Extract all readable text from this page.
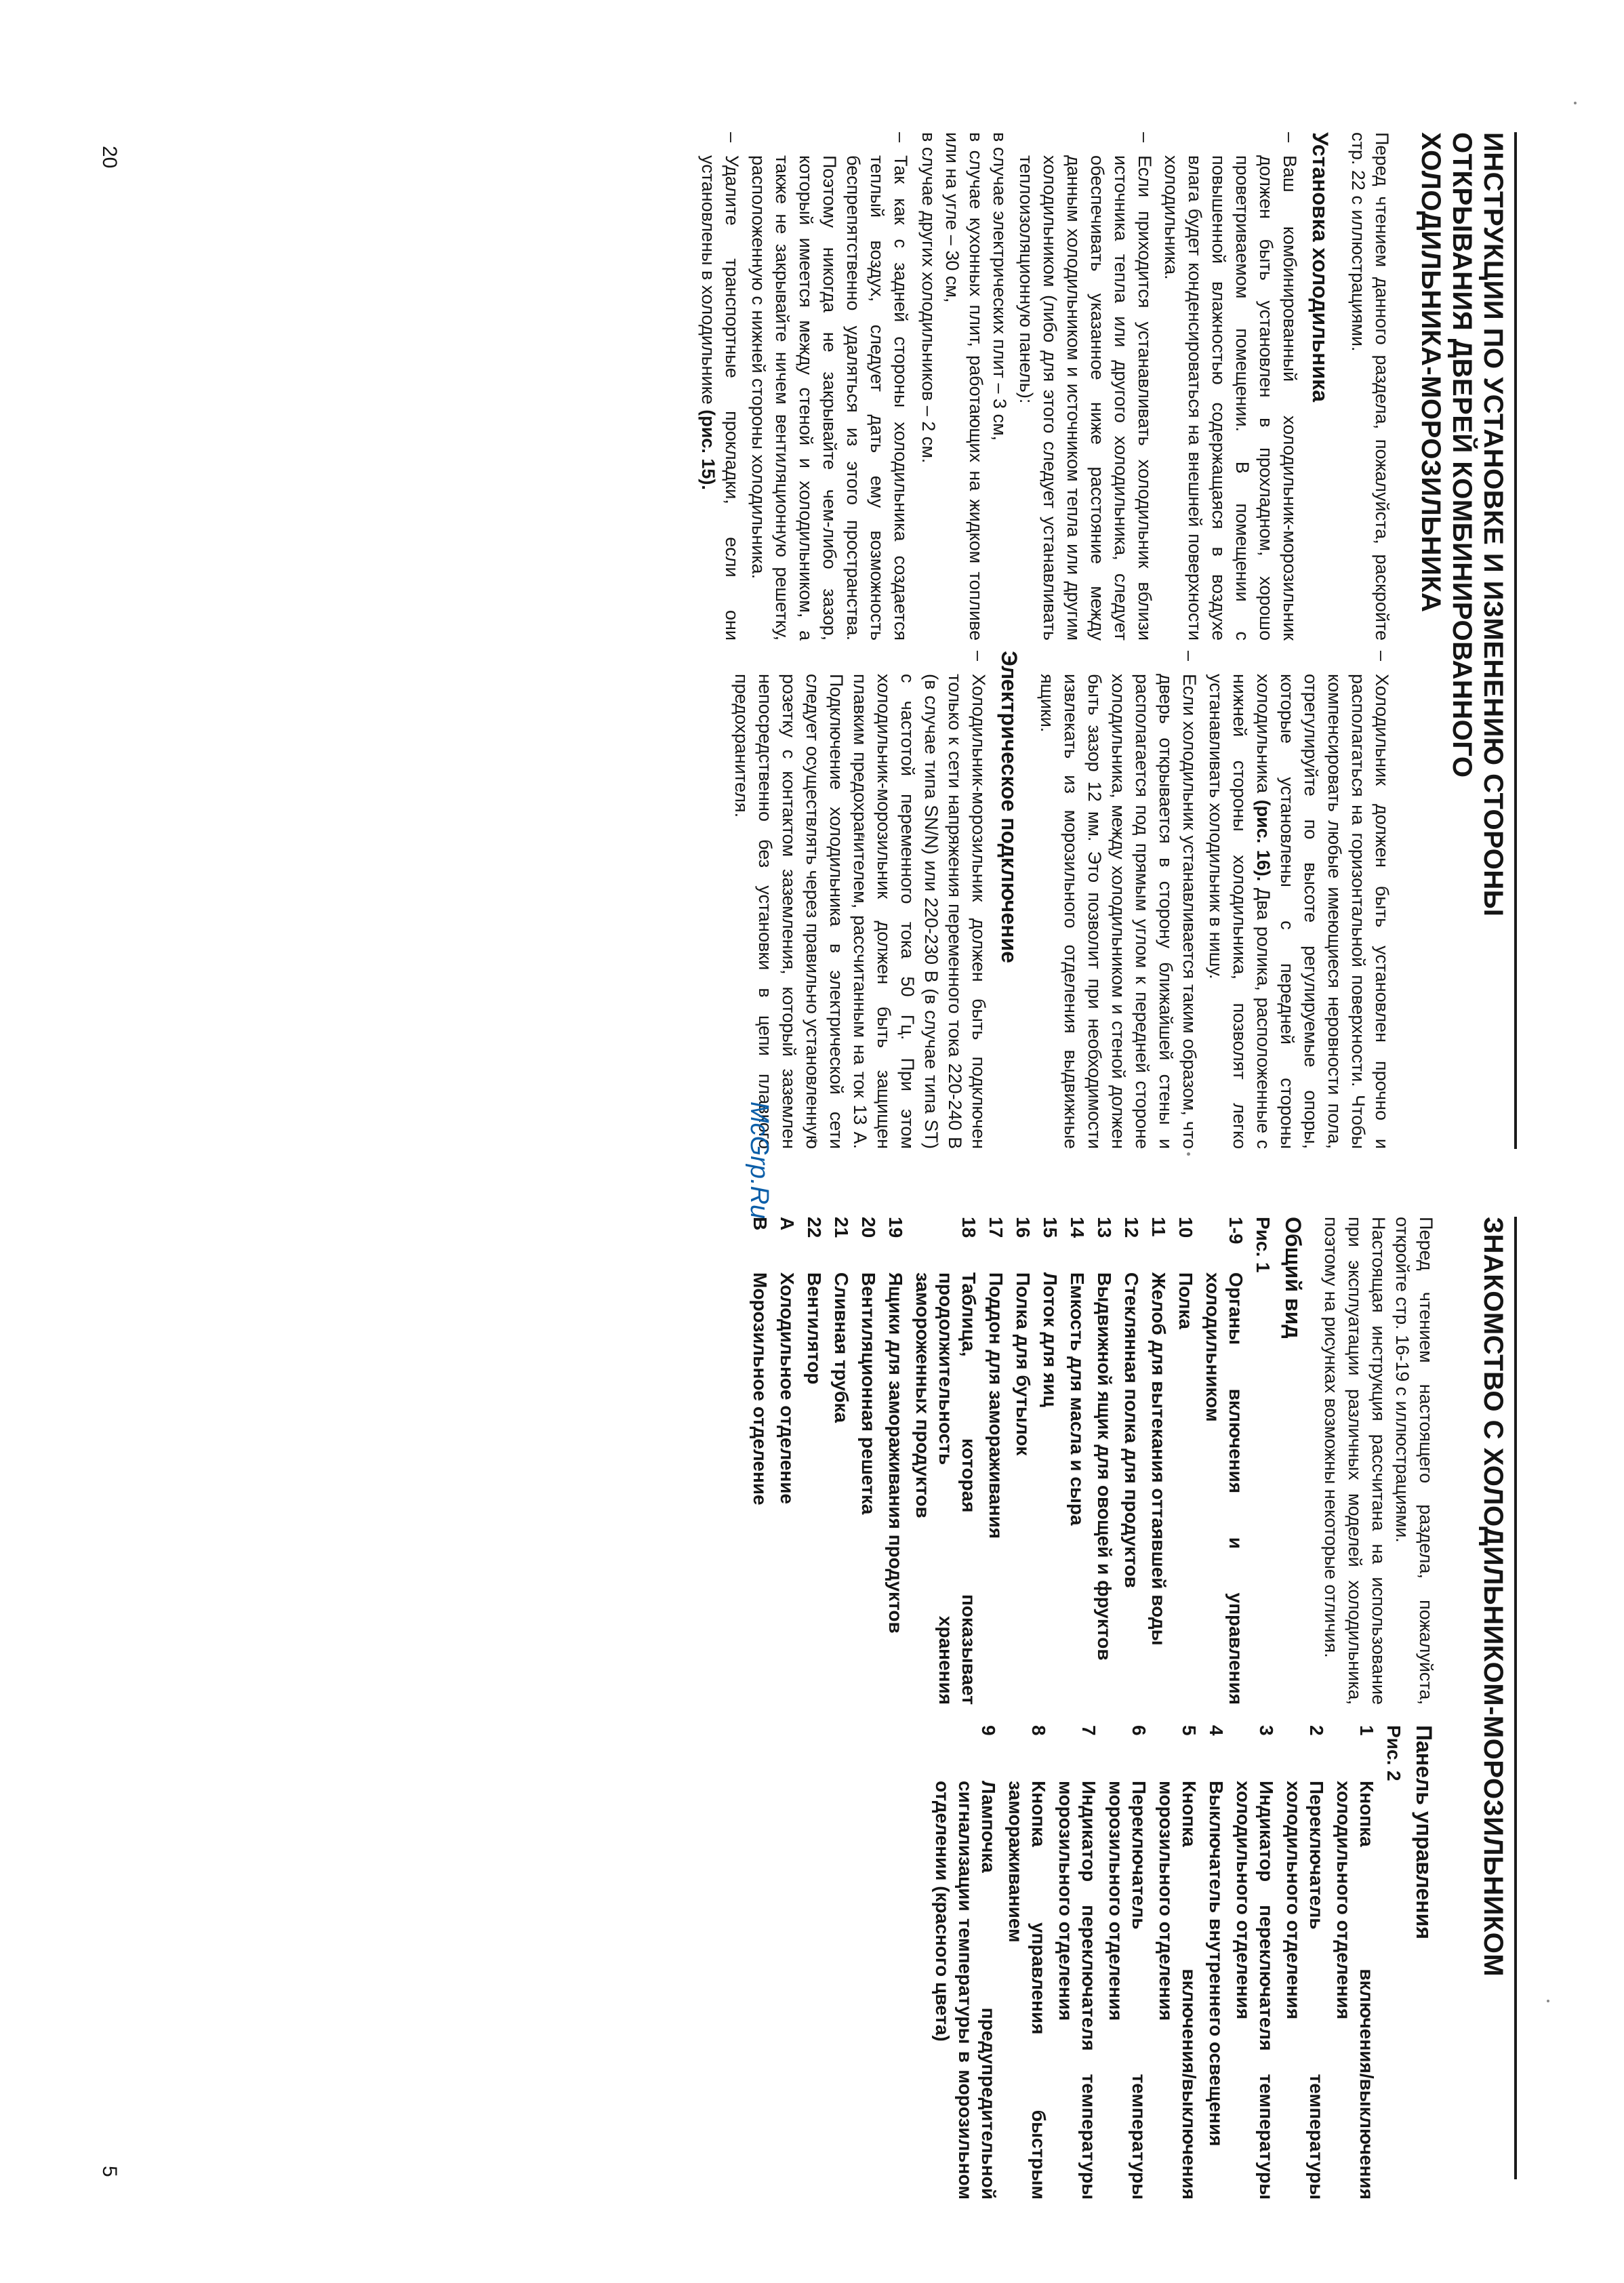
ИНСТРУКЦИИ ПО УСТАНОВКЕ И ИЗМЕНЕНИЮ СТОРОНЫ
ОТКРЫВАНИЯ ДВЕРЕЙ КОМБИНИРОВАННОГО
ХОЛОДИЛЬНИКА-МОРОЗИЛЬНИКА
Перед чтением данного раздела, пожалуйста, раскройте стр. 22 с иллюстрациями.
Установка холодильника
–
Ваш комбинированный холодильник-морозильник должен быть установлен в прохладном, хорошо проветриваемом помещении. В помещении с повышенной влажностью содержащаяся в воздухе влага будет конденсироваться на внешней поверхности холодильника.
–
Если приходится устанавливать холодильник вблизи источника тепла или другого холодильника, следует обеспечивать указанное ниже расстояние между данным холодильником и источником тепла или другим холодильником (либо для этого следует устанавливать теплоизоляционную панель):
в случае электрических плит – 3 см,
в случае кухонных плит, работающих на жидком топливе или на угле – 30 см,
в случае других холодильников – 2 см.
–
Так как с задней стороны холодильника создается теплый воздух, следует дать ему возможность беспрепятственно удаляться из этого пространства. Поэтому никогда не закрывайте чем-либо зазор, который имеется между стеной и холодильником, а также не закрывайте ничем вентиляционную решетку, расположенную с нижней стороны холодильника.
–
Удалите транспортные прокладки, если они установлены в холодильнике (рис. 15).
–
Холодильник должен быть установлен прочно и располагаться на горизонтальной поверхности. Чтобы компенсировать любые имеющиеся неровности пола, отрегулируйте по высоте регулируемые опоры, которые установлены с передней стороны холодильника (рис. 16). Два ролика, расположенные с нижней стороны холодильника, позволят легко устанавливать холодильник в нишу.
–
Если холодильник устанавливается таким образом, что дверь открывается в сторону ближайшей стены и располагается под прямым углом к передней стороне холодильника, между холодильником и стеной должен быть зазор 12 мм. Это позволит при необходимости извлекать из морозильного отделения выдвижные ящики.
Электрическое подключение
–
Холодильник-морозильник должен быть подключен только к сети напряжения переменного тока 220-240 В (в случае типа SN/N) или 220-230 В (в случае типа ST) с частотой переменного тока 50 Гц. При этом холодильник-морозильник должен быть защищен плавким предохранителем, рассчитанным на ток 13 А. Подключение холодильника в электрической сети следует осуществлять через правильно установленную розетку с контактом заземления, который заземлен непосредственно без установки в цепи плавкого предохранителя.
20
McGrp.Ru
ЗНАКОМСТВО С ХОЛОДИЛЬНИКОМ-МОРОЗИЛЬНИКОМ
Перед чтением настоящего раздела, пожалуйста, откройте стр. 16-19 с иллюстрациями.
Настоящая инструкция рассчитана на использование при эксплуатации различных моделей холодильника, поэтому на рисунках возможны некоторые отличия.
Общий вид
Рис. 1
1-9
Органы включения и управления холодильником
10
Полка
11
Желоб для вытекания оттаявшей воды
12
Стеклянная полка для продуктов
13
Выдвижной ящик для овощей и фруктов
14
Емкость для масла и сыра
15
Лоток для яиц
16
Полка для бутылок
17
Поддон для замораживания
18
Таблица, которая показывает продолжительность хранения замороженных продуктов
19
Ящики для замораживания продуктов
20
Вентиляционная решетка
21
Сливная трубка
22
Вентилятор
A
Холодильное отделение
B
Морозильное отделение
Панель управления
Рис. 2
1
Кнопка включения/выключения холодильного отделения
2
Переключатель температуры холодильного отделения
3
Индикатор переключателя температуры холодильного отделения
4
Выключатель внутреннего освещения
5
Кнопка включения/выключения морозильного отделения
6
Переключатель температуры морозильного отделения
7
Индикатор переключателя температуры морозильного отделения
8
Кнопка управления быстрым замораживанием
9
Лампочка предупредительной сигнализации температуры в морозильном отделении (красного цвета)
5
